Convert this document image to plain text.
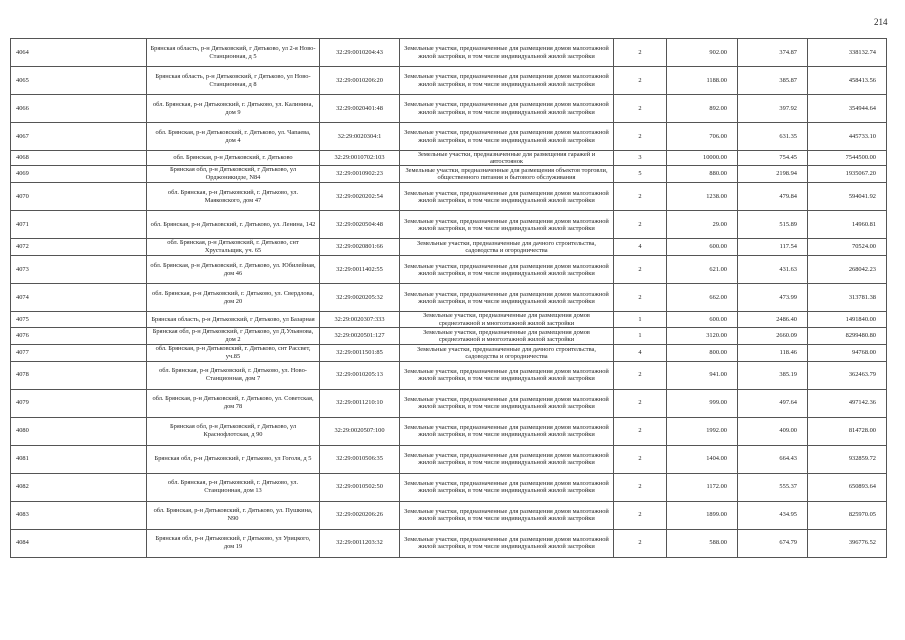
214
4064	Брянская область, р-н Дятьковский, г Дятьково, ул 2-я Ново-Станционная, д 5	32:29:0010204:43	Земельные участки, предназначенные для размещения домов малоэтажной жилой застройки, в том числе индивидуальной жилой застройки	2	902.00	374.87	338132.74
4065	Брянская область, р-н Дятьковский, г Дятьково, ул Ново-Станционная, д 8	32:29:0010206:20	Земельные участки, предназначенные для размещения домов малоэтажной жилой застройки, в том числе индивидуальной жилой застройки	2	1188.00	385.87	458413.56
4066	обл. Брянская, р-н Дятьковский, г. Дятьково, ул. Калинина, дом 9	32:29:0020401:48	Земельные участки, предназначенные для размещения домов малоэтажной жилой застройки, в том числе индивидуальной жилой застройки	2	892.00	397.92	354944.64
4067	обл. Брянская, р-н Дятьковский, г. Дятьково, ул. Чапаева, дом 4	32:29:0020304:1	Земельные участки, предназначенные для размещения домов малоэтажной жилой застройки, в том числе индивидуальной жилой застройки	2	706.00	631.35	445733.10
4068	обл. Брянская, р-н Дятьковский, г. Дятьково	32:29:0010702:103	Земельные участки, предназначенные для размещения гаражей и автостоянок	3	10000.00	754.45	7544500.00
4069	Брянская обл, р-н Дятьковский, г Дятьково, ул Орджоникидзе, N84	32:29:0010902:23	Земельные участки, предназначенные для размещения объектов торговли, общественного питания и бытового обслуживания	5	880.00	2198.94	1935067.20
4070	обл. Брянская, р-н Дятьковский, г. Дятьково, ул. Маяковского, дом 47	32:29:0020202:54	Земельные участки, предназначенные для размещения домов малоэтажной жилой застройки, в том числе индивидуальной жилой застройки	2	1238.00	479.84	594041.92
4071	обл. Брянская, р-н Дятьковский, г. Дятьково, ул. Ленина, 142	32:29:0020504:48	Земельные участки, предназначенные для размещения домов малоэтажной жилой застройки, в том числе индивидуальной жилой застройки	2	29.00	515.89	14960.81
4072	обл. Брянская, р-н Дятьковский, г. Дятьково, снт Хрустальщик, уч. 65	32:29:0020801:66	Земельные участки, предназначенные для дачного строительства, садоводства и огородничества	4	600.00	117.54	70524.00
4073	обл. Брянская, р-н Дятьковский, г. Дятьково, ул. Юбилейная, дом 46	32:29:0011402:55	Земельные участки, предназначенные для размещения домов малоэтажной жилой застройки, в том числе индивидуальной жилой застройки	2	621.00	431.63	268042.23
4074	обл. Брянская, р-н Дятьковский, г. Дятьково, ул. Свердлова, дом 20	32:29:0020205:32	Земельные участки, предназначенные для размещения домов малоэтажной жилой застройки, в том числе индивидуальной жилой застройки	2	662.00	473.99	313781.38
4075	Брянская область, р-н Дятьковский, г Дятьково, ул Базарная	32:29:0020307:333	Земельные участки, предназначенные для размещения домов среднеэтажной и многоэтажной жилой застройки	1	600.00	2486.40	1491840.00
4076	Брянская обл, р-н Дятьковский, г Дятьково, ул Д.Ульянова, дом 2	32:29:0020501:127	Земельные участки, предназначенные для размещения домов среднеэтажной и многоэтажной жилой застройки	1	3120.00	2660.09	8299480.80
4077	обл. Брянская, р-н Дятьковский, г. Дятьково, снт Рассвет, уч.85	32:29:0011501:85	Земельные участки, предназначенные для дачного строительства, садоводства и огородничества	4	800.00	118.46	94768.00
4078	обл. Брянская, р-н Дятьковский, г. Дятьково, ул. Ново-Станционная, дом 7	32:29:0010205:13	Земельные участки, предназначенные для размещения домов малоэтажной жилой застройки, в том числе индивидуальной жилой застройки	2	941.00	385.19	362463.79
4079	обл. Брянская, р-н Дятьковский, г. Дятьково, ул. Советская, дом 78	32:29:0011210:10	Земельные участки, предназначенные для размещения домов малоэтажной жилой застройки, в том числе индивидуальной жилой застройки	2	999.00	497.64	497142.36
4080	Брянская обл, р-н Дятьковский, г Дятьково, ул Краснофлотская, д 90	32:29:0020507:100	Земельные участки, предназначенные для размещения домов малоэтажной жилой застройки, в том числе индивидуальной жилой застройки	2	1992.00	409.00	814728.00
4081	Брянская обл, р-н Дятьковский, г Дятьково, ул Гоголя, д 5	32:29:0010506:35	Земельные участки, предназначенные для размещения домов малоэтажной жилой застройки, в том числе индивидуальной жилой застройки	2	1404.00	664.43	932859.72
4082	обл. Брянская, р-н Дятьковский, г. Дятьково, ул. Станционная, дом 13	32:29:0010502:50	Земельные участки, предназначенные для размещения домов малоэтажной жилой застройки, в том числе индивидуальной жилой застройки	2	1172.00	555.37	650893.64
4083	обл. Брянская, р-н Дятьковский, г. Дятьково, ул. Пушкина, N90	32:29:0020206:26	Земельные участки, предназначенные для размещения домов малоэтажной жилой застройки, в том числе индивидуальной жилой застройки	2	1899.00	434.95	825970.05
4084	Брянская обл, р-н Дятьковский, г Дятьково, ул Урицкого, дом 19	32:29:0011203:32	Земельные участки, предназначенные для размещения домов малоэтажной жилой застройки, в том числе индивидуальной жилой застройки	2	588.00	674.79	396776.52
